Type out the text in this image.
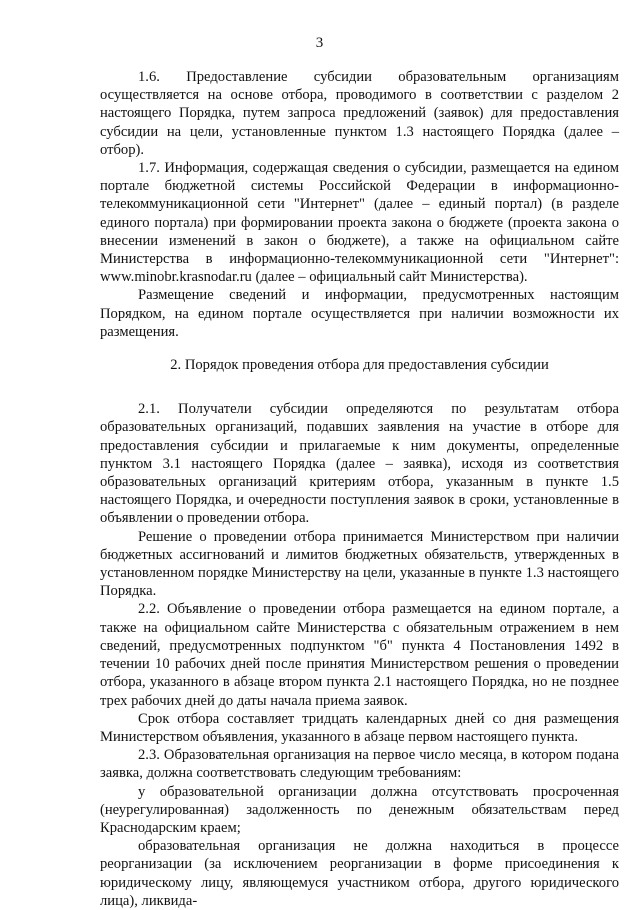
3

1.6. Предоставление субсидии образовательным организациям осуществляется на основе отбора, проводимого в соответствии с разделом 2 настоящего Порядка, путем запроса предложений (заявок) для предоставления субсидии на цели, установленные пунктом 1.3 настоящего Порядка (далее – отбор).

1.7. Информация, содержащая сведения о субсидии, размещается на едином портале бюджетной системы Российской Федерации в информационно-телекоммуникационной сети "Интернет" (далее – единый портал) (в разделе единого портала) при формировании проекта закона о бюджете (проекта закона о внесении изменений в закон о бюджете), а также на официальном сайте Министерства в информационно-телекоммуникационной сети "Интернет": www.minobr.krasnodar.ru (далее – официальный сайт Министерства).

Размещение сведений и информации, предусмотренных настоящим Порядком, на едином портале осуществляется при наличии возможности их размещения.

2. Порядок проведения отбора для предоставления субсидии

2.1. Получатели субсидии определяются по результатам отбора образовательных организаций, подавших заявления на участие в отборе для предоставления субсидии и прилагаемые к ним документы, определенные пунктом 3.1 настоящего Порядка (далее – заявка), исходя из соответствия образовательных организаций критериям отбора, указанным в пункте 1.5 настоящего Порядка, и очередности поступления заявок в сроки, установленные в объявлении о проведении отбора.

Решение о проведении отбора принимается Министерством при наличии бюджетных ассигнований и лимитов бюджетных обязательств, утвержденных в установленном порядке Министерству на цели, указанные в пункте 1.3 настоящего Порядка.

2.2. Объявление о проведении отбора размещается на едином портале, а также на официальном сайте Министерства с обязательным отражением в нем сведений, предусмотренных подпунктом "б" пункта 4 Постановления 1492 в течении 10 рабочих дней после принятия Министерством решения о проведении отбора, указанного в абзаце втором пункта 2.1 настоящего Порядка, но не позднее трех рабочих дней до даты начала приема заявок.

Срок отбора составляет тридцать календарных дней со дня размещения Министерством объявления, указанного в абзаце первом настоящего пункта.

2.3. Образовательная организация на первое число месяца, в котором подана заявка, должна соответствовать следующим требованиям:

у образовательной организации должна отсутствовать просроченная (неурегулированная) задолженность по денежным обязательствам перед Краснодарским краем;

образовательная организация не должна находиться в процессе реорганизации (за исключением реорганизации в форме присоединения к юридическому лицу, являющемуся участником отбора, другого юридического лица), ликвида-
